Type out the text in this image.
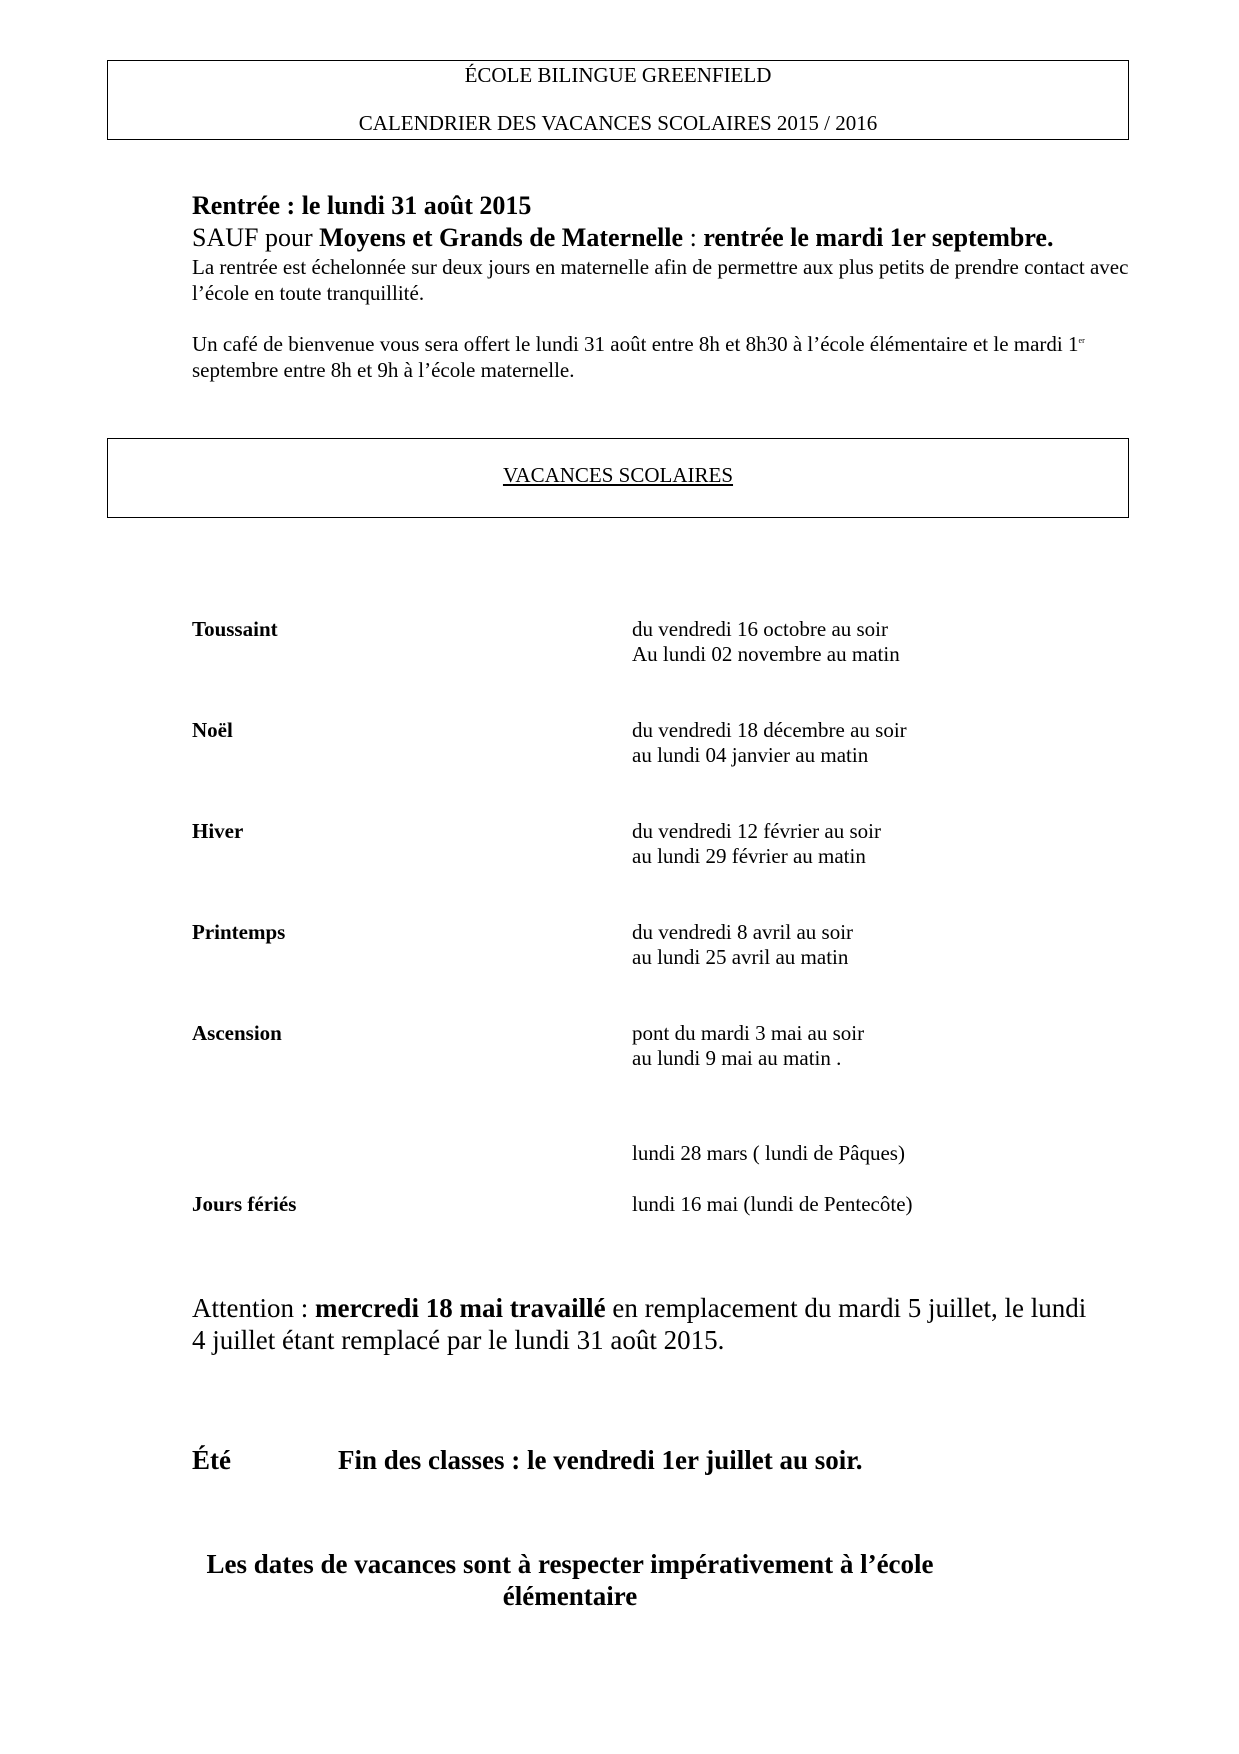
ÉCOLE BILINGUE GREENFIELD
CALENDRIER DES VACANCES SCOLAIRES 2015 / 2016
Rentrée : le lundi 31 août 2015
SAUF pour Moyens et Grands de Maternelle : rentrée le mardi 1er septembre.
La rentrée est échelonnée sur deux jours en maternelle afin de permettre aux plus petits de prendre contact avec l’école en toute tranquillité.
Un café de bienvenue vous sera offert le lundi 31 août entre 8h et 8h30 à l’école élémentaire et le mardi 1er septembre entre 8h et 9h à l’école maternelle.
VACANCES SCOLAIRES
Toussaint	du vendredi 16 octobre au soir
Au lundi 02 novembre au matin
Noël	du vendredi 18 décembre au soir
au lundi 04 janvier au matin
Hiver	du vendredi 12 février au soir
au lundi 29 février au matin
Printemps	du vendredi 8 avril au soir
au lundi 25 avril au matin
Ascension	pont du mardi 3 mai au soir
au lundi 9 mai au matin .
lundi 28 mars ( lundi de Pâques)
Jours fériés	lundi 16 mai (lundi de Pentecôte)
Attention : mercredi 18 mai travaillé en remplacement du mardi 5 juillet, le lundi 4 juillet étant remplacé par le lundi 31 août 2015.
Été	Fin des classes : le vendredi 1er juillet au soir.
Les dates de vacances sont à respecter impérativement à l’école élémentaire
